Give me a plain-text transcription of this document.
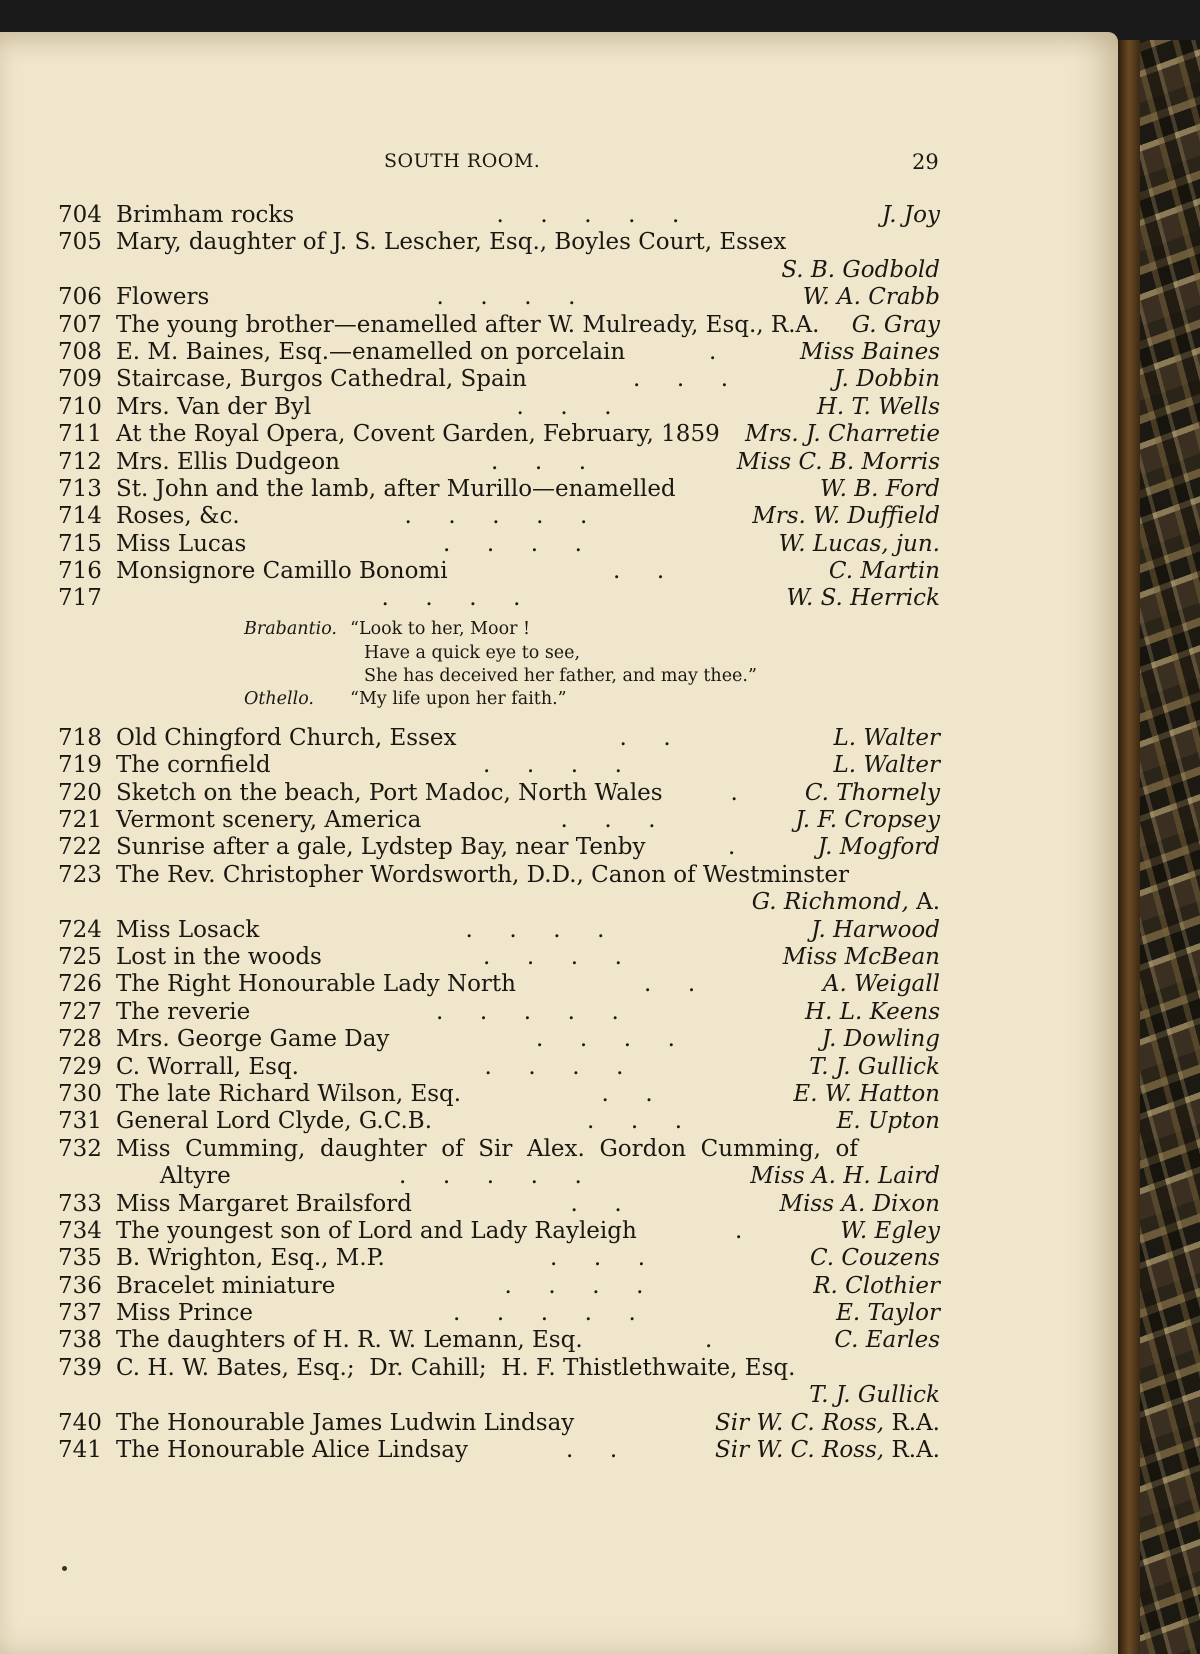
SOUTH ROOM.	29
704 Brimham rocks	.     .     .     .     .	J. Joy
705 Mary, daughter of J. S. Lescher, Esq., Boyles Court, Essex
S. B. Godbold
706 Flowers	.     .     .     .	W. A. Crabb
707 The young brother—enamelled after W. Mulready, Esq., R.A. G. Gray
708 E. M. Baines, Esq.—enamelled on porcelain	.	Miss Baines
709 Staircase, Burgos Cathedral, Spain	.     .     .	J. Dobbin
710 Mrs. Van der Byl	.     .     .	H. T. Wells
711 At the Royal Opera, Covent Garden, February, 1859 Mrs. J. Charretie
712 Mrs. Ellis Dudgeon	.     .     .	Miss C. B. Morris
713 St. John and the lamb, after Murillo—enamelled	W. B. Ford
714 Roses, &c.	.     .     .     .     .	Mrs. W. Duffield
715 Miss Lucas	.     .     .     .	W. Lucas, jun.
716 Monsignore Camillo Bonomi	.     .	C. Martin
717	.     .     .     .	W. S. Herrick
Brabantio. “Look to her, Moor !
Have a quick eye to see,
She has deceived her father, and may thee.”
Othello. “My life upon her faith.”
718 Old Chingford Church, Essex	.     .	L. Walter
719 The cornfield	.     .     .     .	L. Walter
720 Sketch on the beach, Port Madoc, North Wales	.	C. Thornely
721 Vermont scenery, America	.     .     .	J. F. Cropsey
722 Sunrise after a gale, Lydstep Bay, near Tenby	.	J. Mogford
723 The Rev. Christopher Wordsworth, D.D., Canon of Westminster
G. Richmond, A.
724 Miss Losack	.     .     .     .	J. Harwood
725 Lost in the woods	.     .     .     .	Miss McBean
726 The Right Honourable Lady North	.     .	A. Weigall
727 The reverie	.     .     .     .     .	H. L. Keens
728 Mrs. George Game Day	.     .     .     .	J. Dowling
729 C. Worrall, Esq.	.     .     .     .	T. J. Gullick
730 The late Richard Wilson, Esq.	.     .	E. W. Hatton
731 General Lord Clyde, G.C.B.	.     .     .	E. Upton
732 Miss  Cumming,  daughter  of  Sir  Alex.  Gordon  Cumming,  of
Altyre	.     .     .     .     .	Miss A. H. Laird
733 Miss Margaret Brailsford	.     .	Miss A. Dixon
734 The youngest son of Lord and Lady Rayleigh	.	W. Egley
735 B. Wrighton, Esq., M.P.	.     .     .	C. Couzens
736 Bracelet miniature	.     .     .     .	R. Clothier
737 Miss Prince	.     .     .     .     .	E. Taylor
738 The daughters of H. R. W. Lemann, Esq.	.	C. Earles
739 C. H. W. Bates, Esq.;  Dr. Cahill;  H. F. Thistlethwaite, Esq.
T. J. Gullick
740 The Honourable James Ludwin Lindsay	Sir W. C. Ross, R.A.
741 The Honourable Alice Lindsay	.     .	Sir W. C. Ross, R.A.
